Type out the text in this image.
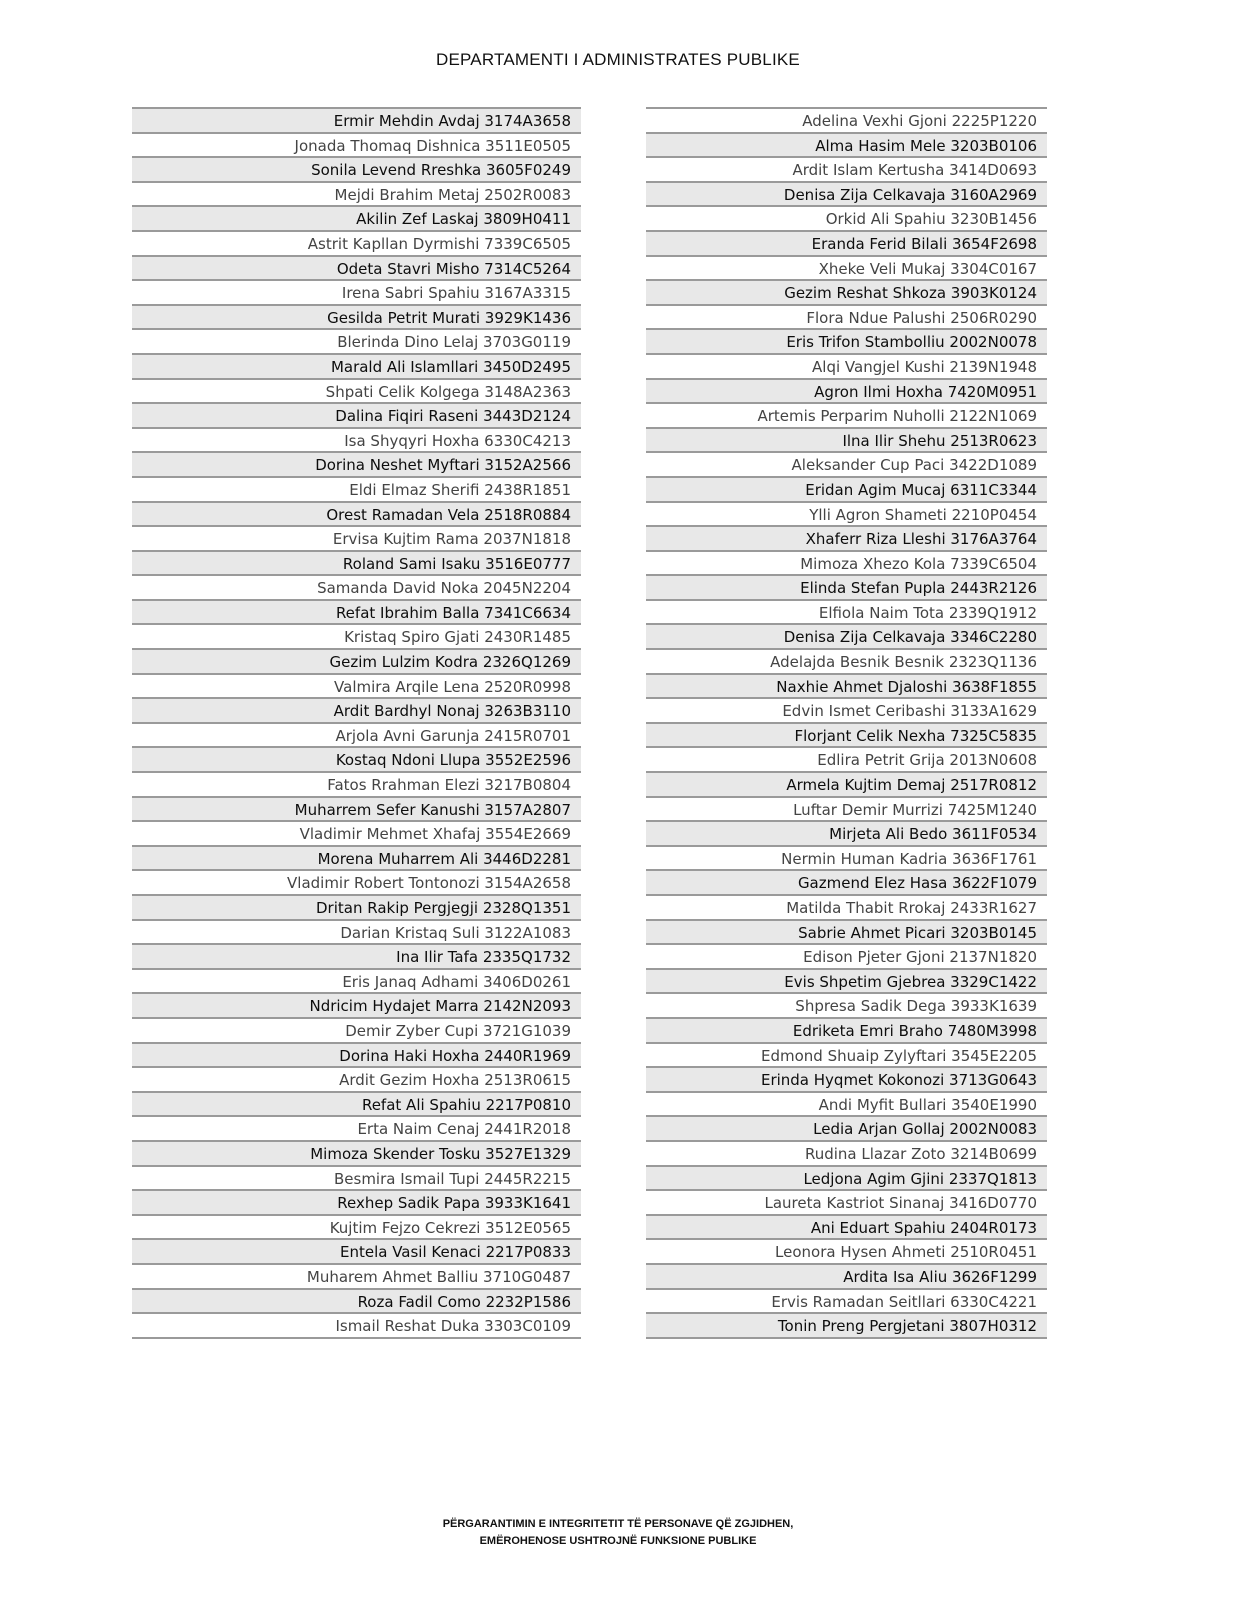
DEPARTAMENTI I ADMINISTRATES PUBLIKE
Ermir Mehdin Avdaj 3174A3658
Jonada Thomaq Dishnica 3511E0505
Sonila Levend Rreshka 3605F0249
Mejdi Brahim Metaj 2502R0083
Akilin Zef Laskaj 3809H0411
Astrit Kapllan Dyrmishi 7339C6505
Odeta Stavri Misho 7314C5264
Irena Sabri Spahiu 3167A3315
Gesilda Petrit Murati 3929K1436
Blerinda Dino Lelaj 3703G0119
Marald Ali Islamllari 3450D2495
Shpati Celik Kolgega 3148A2363
Dalina Fiqiri Raseni 3443D2124
Isa Shyqyri Hoxha 6330C4213
Dorina Neshet Myftari 3152A2566
Eldi Elmaz Sherifi 2438R1851
Orest Ramadan Vela 2518R0884
Ervisa Kujtim Rama 2037N1818
Roland Sami Isaku 3516E0777
Samanda David Noka 2045N2204
Refat Ibrahim Balla 7341C6634
Kristaq Spiro Gjati 2430R1485
Gezim Lulzim Kodra 2326Q1269
Valmira Arqile Lena 2520R0998
Ardit Bardhyl Nonaj 3263B3110
Arjola Avni Garunja 2415R0701
Kostaq Ndoni Llupa 3552E2596
Fatos Rrahman Elezi 3217B0804
Muharrem Sefer Kanushi 3157A2807
Vladimir Mehmet Xhafaj 3554E2669
Morena Muharrem Ali 3446D2281
Vladimir Robert Tontonozi 3154A2658
Dritan Rakip Pergjegji 2328Q1351
Darian Kristaq Suli 3122A1083
Ina Ilir Tafa 2335Q1732
Eris Janaq Adhami 3406D0261
Ndricim Hydajet Marra 2142N2093
Demir Zyber Cupi 3721G1039
Dorina Haki Hoxha 2440R1969
Ardit Gezim Hoxha 2513R0615
Refat Ali Spahiu 2217P0810
Erta Naim Cenaj 2441R2018
Mimoza Skender Tosku 3527E1329
Besmira Ismail Tupi 2445R2215
Rexhep Sadik Papa 3933K1641
Kujtim Fejzo Cekrezi 3512E0565
Entela Vasil Kenaci 2217P0833
Muharem Ahmet Balliu 3710G0487
Roza Fadil Como 2232P1586
Ismail Reshat Duka 3303C0109
Adelina Vexhi Gjoni 2225P1220
Alma Hasim Mele 3203B0106
Ardit Islam Kertusha 3414D0693
Denisa Zija Celkavaja 3160A2969
Orkid Ali Spahiu 3230B1456
Eranda Ferid Bilali 3654F2698
Xheke Veli Mukaj 3304C0167
Gezim Reshat Shkoza 3903K0124
Flora Ndue Palushi 2506R0290
Eris Trifon Stambolliu 2002N0078
Alqi Vangjel Kushi 2139N1948
Agron Ilmi Hoxha 7420M0951
Artemis Perparim Nuholli 2122N1069
Ilna Ilir Shehu 2513R0623
Aleksander Cup Paci 3422D1089
Eridan Agim Mucaj 6311C3344
Ylli Agron Shameti 2210P0454
Xhaferr Riza Lleshi 3176A3764
Mimoza Xhezo Kola 7339C6504
Elinda Stefan Pupla 2443R2126
Elfiola Naim Tota 2339Q1912
Denisa Zija Celkavaja 3346C2280
Adelajda Besnik Besnik 2323Q1136
Naxhie Ahmet Djaloshi 3638F1855
Edvin Ismet Ceribashi 3133A1629
Florjant Celik Nexha 7325C5835
Edlira Petrit Grija 2013N0608
Armela Kujtim Demaj 2517R0812
Luftar Demir Murrizi 7425M1240
Mirjeta Ali Bedo 3611F0534
Nermin Human Kadria 3636F1761
Gazmend Elez Hasa 3622F1079
Matilda Thabit Rrokaj 2433R1627
Sabrie Ahmet Picari 3203B0145
Edison Pjeter Gjoni 2137N1820
Evis Shpetim Gjebrea 3329C1422
Shpresa Sadik Dega 3933K1639
Edriketa Emri Braho 7480M3998
Edmond Shuaip Zylyftari 3545E2205
Erinda Hyqmet Kokonozi 3713G0643
Andi Myfit Bullari 3540E1990
Ledia Arjan Gollaj 2002N0083
Rudina Llazar Zoto 3214B0699
Ledjona Agim Gjini 2337Q1813
Laureta Kastriot Sinanaj 3416D0770
Ani Eduart Spahiu 2404R0173
Leonora Hysen Ahmeti 2510R0451
Ardita Isa Aliu 3626F1299
Ervis Ramadan Seitllari 6330C4221
Tonin Preng Pergjetani 3807H0312
PËRGARANTIMIN E INTEGRITETIT TË PERSONAVE QË ZGJIDHEN,
EMËROHENOSE USHTROJNË FUNKSIONE PUBLIKE
